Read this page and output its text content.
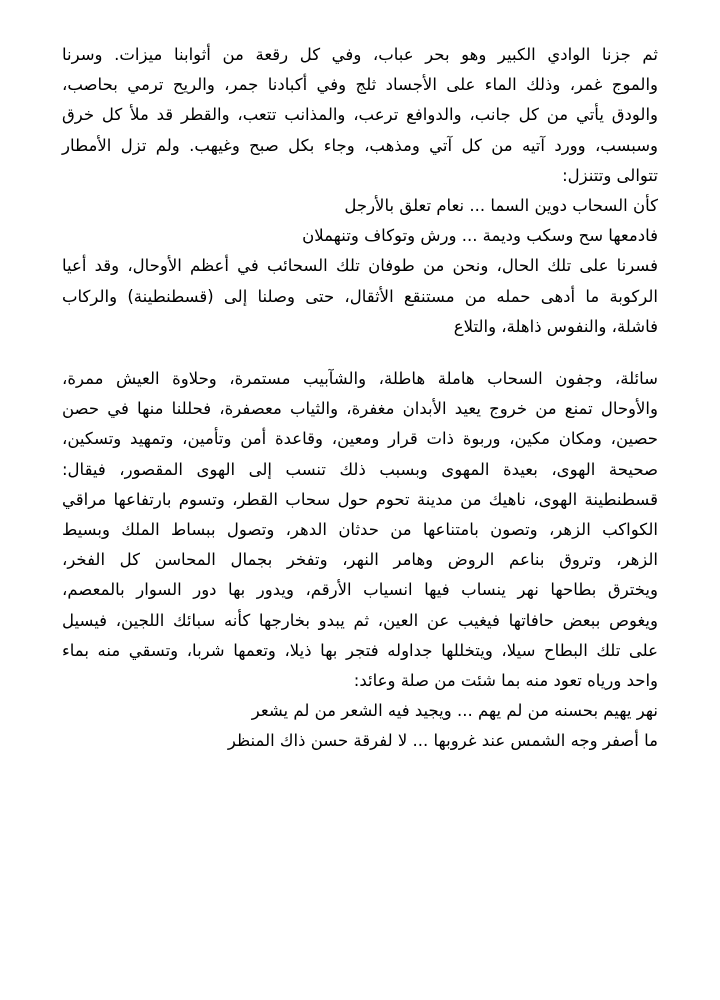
ثم جزنا الوادي الكبير وهو بحر عباب، وفي كل رقعة من أثوابنا ميزات. وسرنا
والموج غمر، وذلك الماء على الأجساد ثلج وفي أكبادنا جمر، والريح ترمي بحاصب،
والودق يأتي من كل جانب، والدوافع ترعب، والمذانب تتعب، والقطر قد ملأ كل خرق
وسبسب، وورد آتيه من كل آتي ومذهب، وجاء بكل صبح وغيهب. ولم تزل الأمطار
تتوالى وتتنزل:

كأن السحاب دوين السما ... نعام تعلق بالأرجل

فادمعها سح وسكب وديمة ... ورش وتوكاف وتنهملان

فسرنا على تلك الحال، ونحن من طوفان تلك السحائب في أعظم الأوحال، وقد أعيا
الركوبة ما أدهى حمله من مستنقع الأثقال، حتى وصلنا إلى (قسطنطينة) والركاب
فاشلة، والنفوس ذاهلة، والتلاع

سائلة، وجفون السحاب هاملة هاطلة، والشآبيب مستمرة، وحلاوة العيش ممرة،
والأوحال تمنع من خروج يعيد الأبدان مغفرة، والثياب معصفرة، فحللنا منها في حصن
حصين، ومكان مكين، وربوة ذات قرار ومعين، وقاعدة أمن وتأمين، وتمهيد وتسكين،
صحيحة الهوى، بعيدة المهوى وبسبب ذلك تنسب إلى الهوى المقصور، فيقال:
قسطنطينة الهوى، ناهيك من مدينة تحوم حول سحاب القطر، وتسوم بارتفاعها مراقي
الكواكب الزهر، وتصون بامتناعها من حدثان الدهر، وتصول ببساط الملك وبسيط
الزهر، وتروق بناعم الروض وهامر النهر، وتفخر بجمال المحاسن كل الفخر،
ويخترق بطاحها نهر ينساب فيها انسياب الأرقم، ويدور بها دور السوار بالمعصم،
ويغوص ببعض حافاتها فيغيب عن العين، ثم يبدو بخارجها كأنه سبائك اللجين، فيسيل
على تلك البطاح سيلا، ويتخللها جداوله فتجر بها ذيلا، وتعمها شربا، وتسقي منه بماء
واحد ورياه تعود منه بما شئت من صلة وعائد:

نهر يهيم بحسنه من لم يهم ... ويجيد فيه الشعر من لم يشعر

ما أصفر وجه الشمس عند غروبها ... لا لفرقة حسن ذاك المنظر
